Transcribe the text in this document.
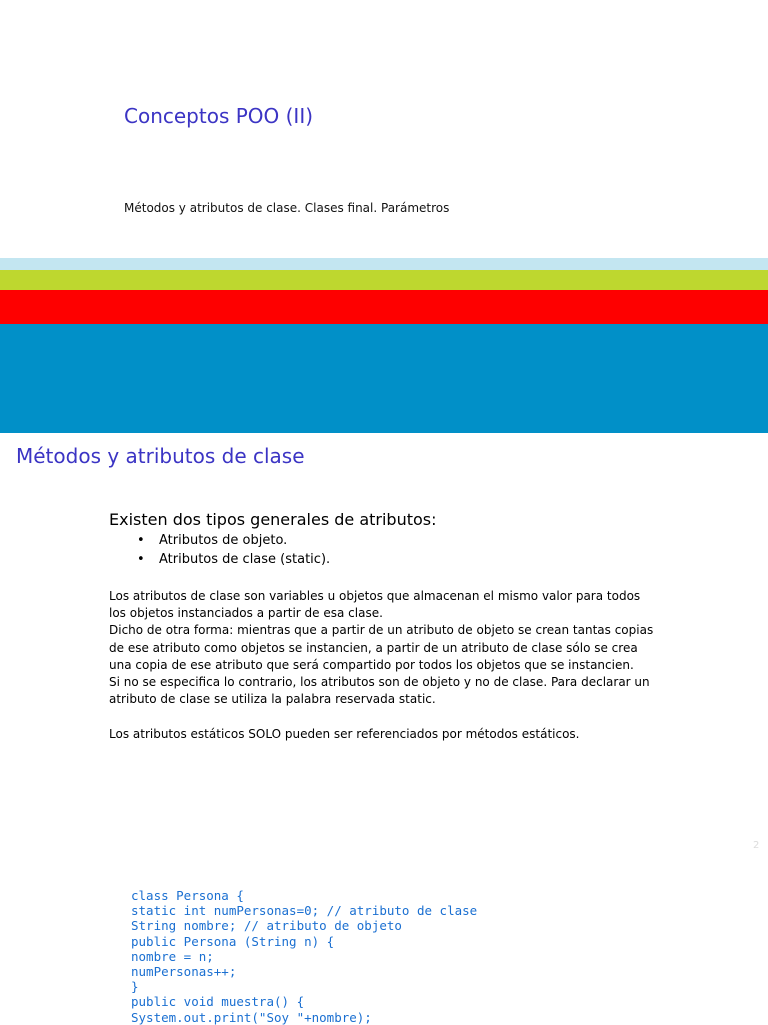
Conceptos POO (II)
Métodos y atributos de clase. Clases final. Parámetros
Métodos y atributos de clase
Existen dos tipos generales de atributos:
• Atributos de objeto.
• Atributos de clase (static).
Los atributos de clase son variables u objetos que almacenan el mismo valor para todos
los objetos instanciados a partir de esa clase.
Dicho de otra forma: mientras que a partir de un atributo de objeto se crean tantas copias
de ese atributo como objetos se instancien, a partir de un atributo de clase sólo se crea
una copia de ese atributo que será compartido por todos los objetos que se instancien.
Si no se especifica lo contrario, los atributos son de objeto y no de clase. Para declarar un
atributo de clase se utiliza la palabra reservada static.
Los atributos estáticos SOLO pueden ser referenciados por métodos estáticos.
2
class Persona {
static int numPersonas=0; // atributo de clase
String nombre; // atributo de objeto
public Persona (String n) {
nombre = n;
numPersonas++;
}
public void muestra() {
System.out.print("Soy "+nombre);
